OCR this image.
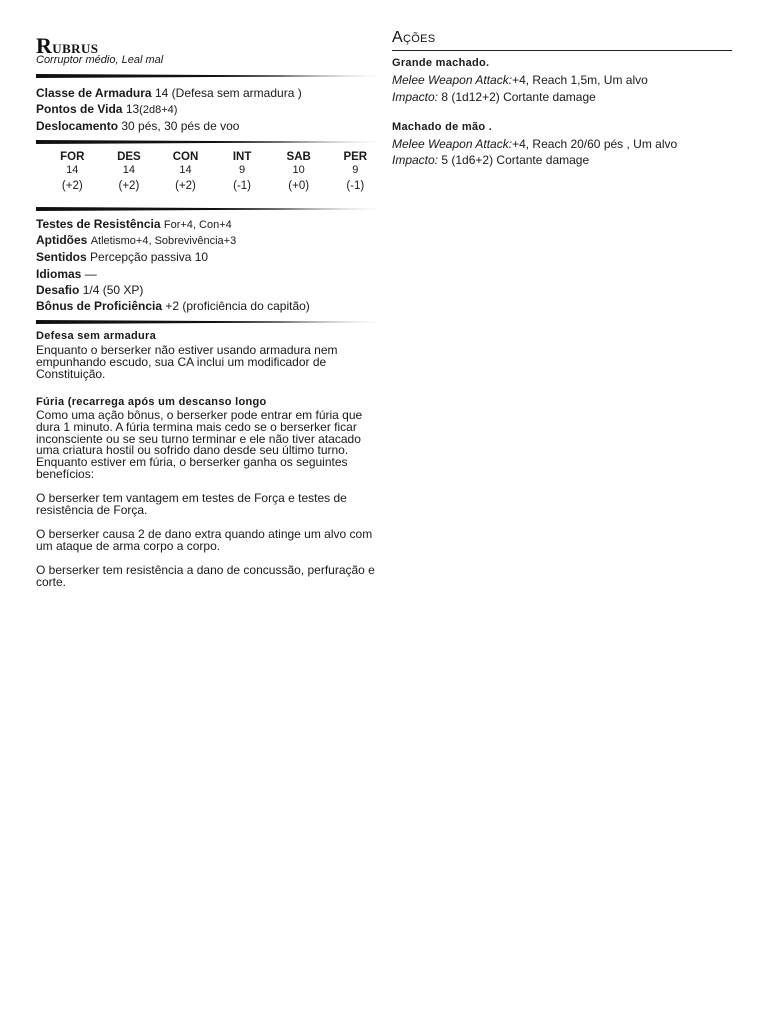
Rubrus
Corruptor médio, Leal mal
Classe de Armadura 14 (Defesa sem armadura )
Pontos de Vida 13(2d8+4)
Deslocamento 30 pés, 30 pés de voo
FOR
14
(+2)
DES
14
(+2)
CON
14
(+2)
INT
9
(-1)
SAB
10
(+0)
PER
9
(-1)
Testes de Resistência For+4, Con+4
Aptidões Atletismo+4, Sobrevivência+3
Sentidos Percepção passiva 10
Idiomas —
Desafio 1/4 (50 XP)
Bônus de Proficiência +2 (proficiência do capitão)
Defesa sem armadura
Enquanto o berserker não estiver usando armadura nem empunhando escudo, sua CA inclui um modificador de Constituição.
Fúria (recarrega após um descanso longo
Como uma ação bônus, o berserker pode entrar em fúria que dura 1 minuto. A fúria termina mais cedo se o berserker ficar inconsciente ou se seu turno terminar e ele não tiver atacado uma criatura hostil ou sofrido dano desde seu último turno. Enquanto estiver em fúria, o berserker ganha os seguintes benefícios:
O berserker tem vantagem em testes de Força e testes de resistência de Força.
O berserker causa 2 de dano extra quando atinge um alvo com um ataque de arma corpo a corpo.
O berserker tem resistência a dano de concussão, perfuração e corte.
Ações
Grande machado.
Melee Weapon Attack:+4, Reach 1,5m, Um alvo
Impacto: 8 (1d12+2) Cortante damage
Machado de mão .
Melee Weapon Attack:+4, Reach 20/60 pés , Um alvo
Impacto: 5 (1d6+2) Cortante damage
